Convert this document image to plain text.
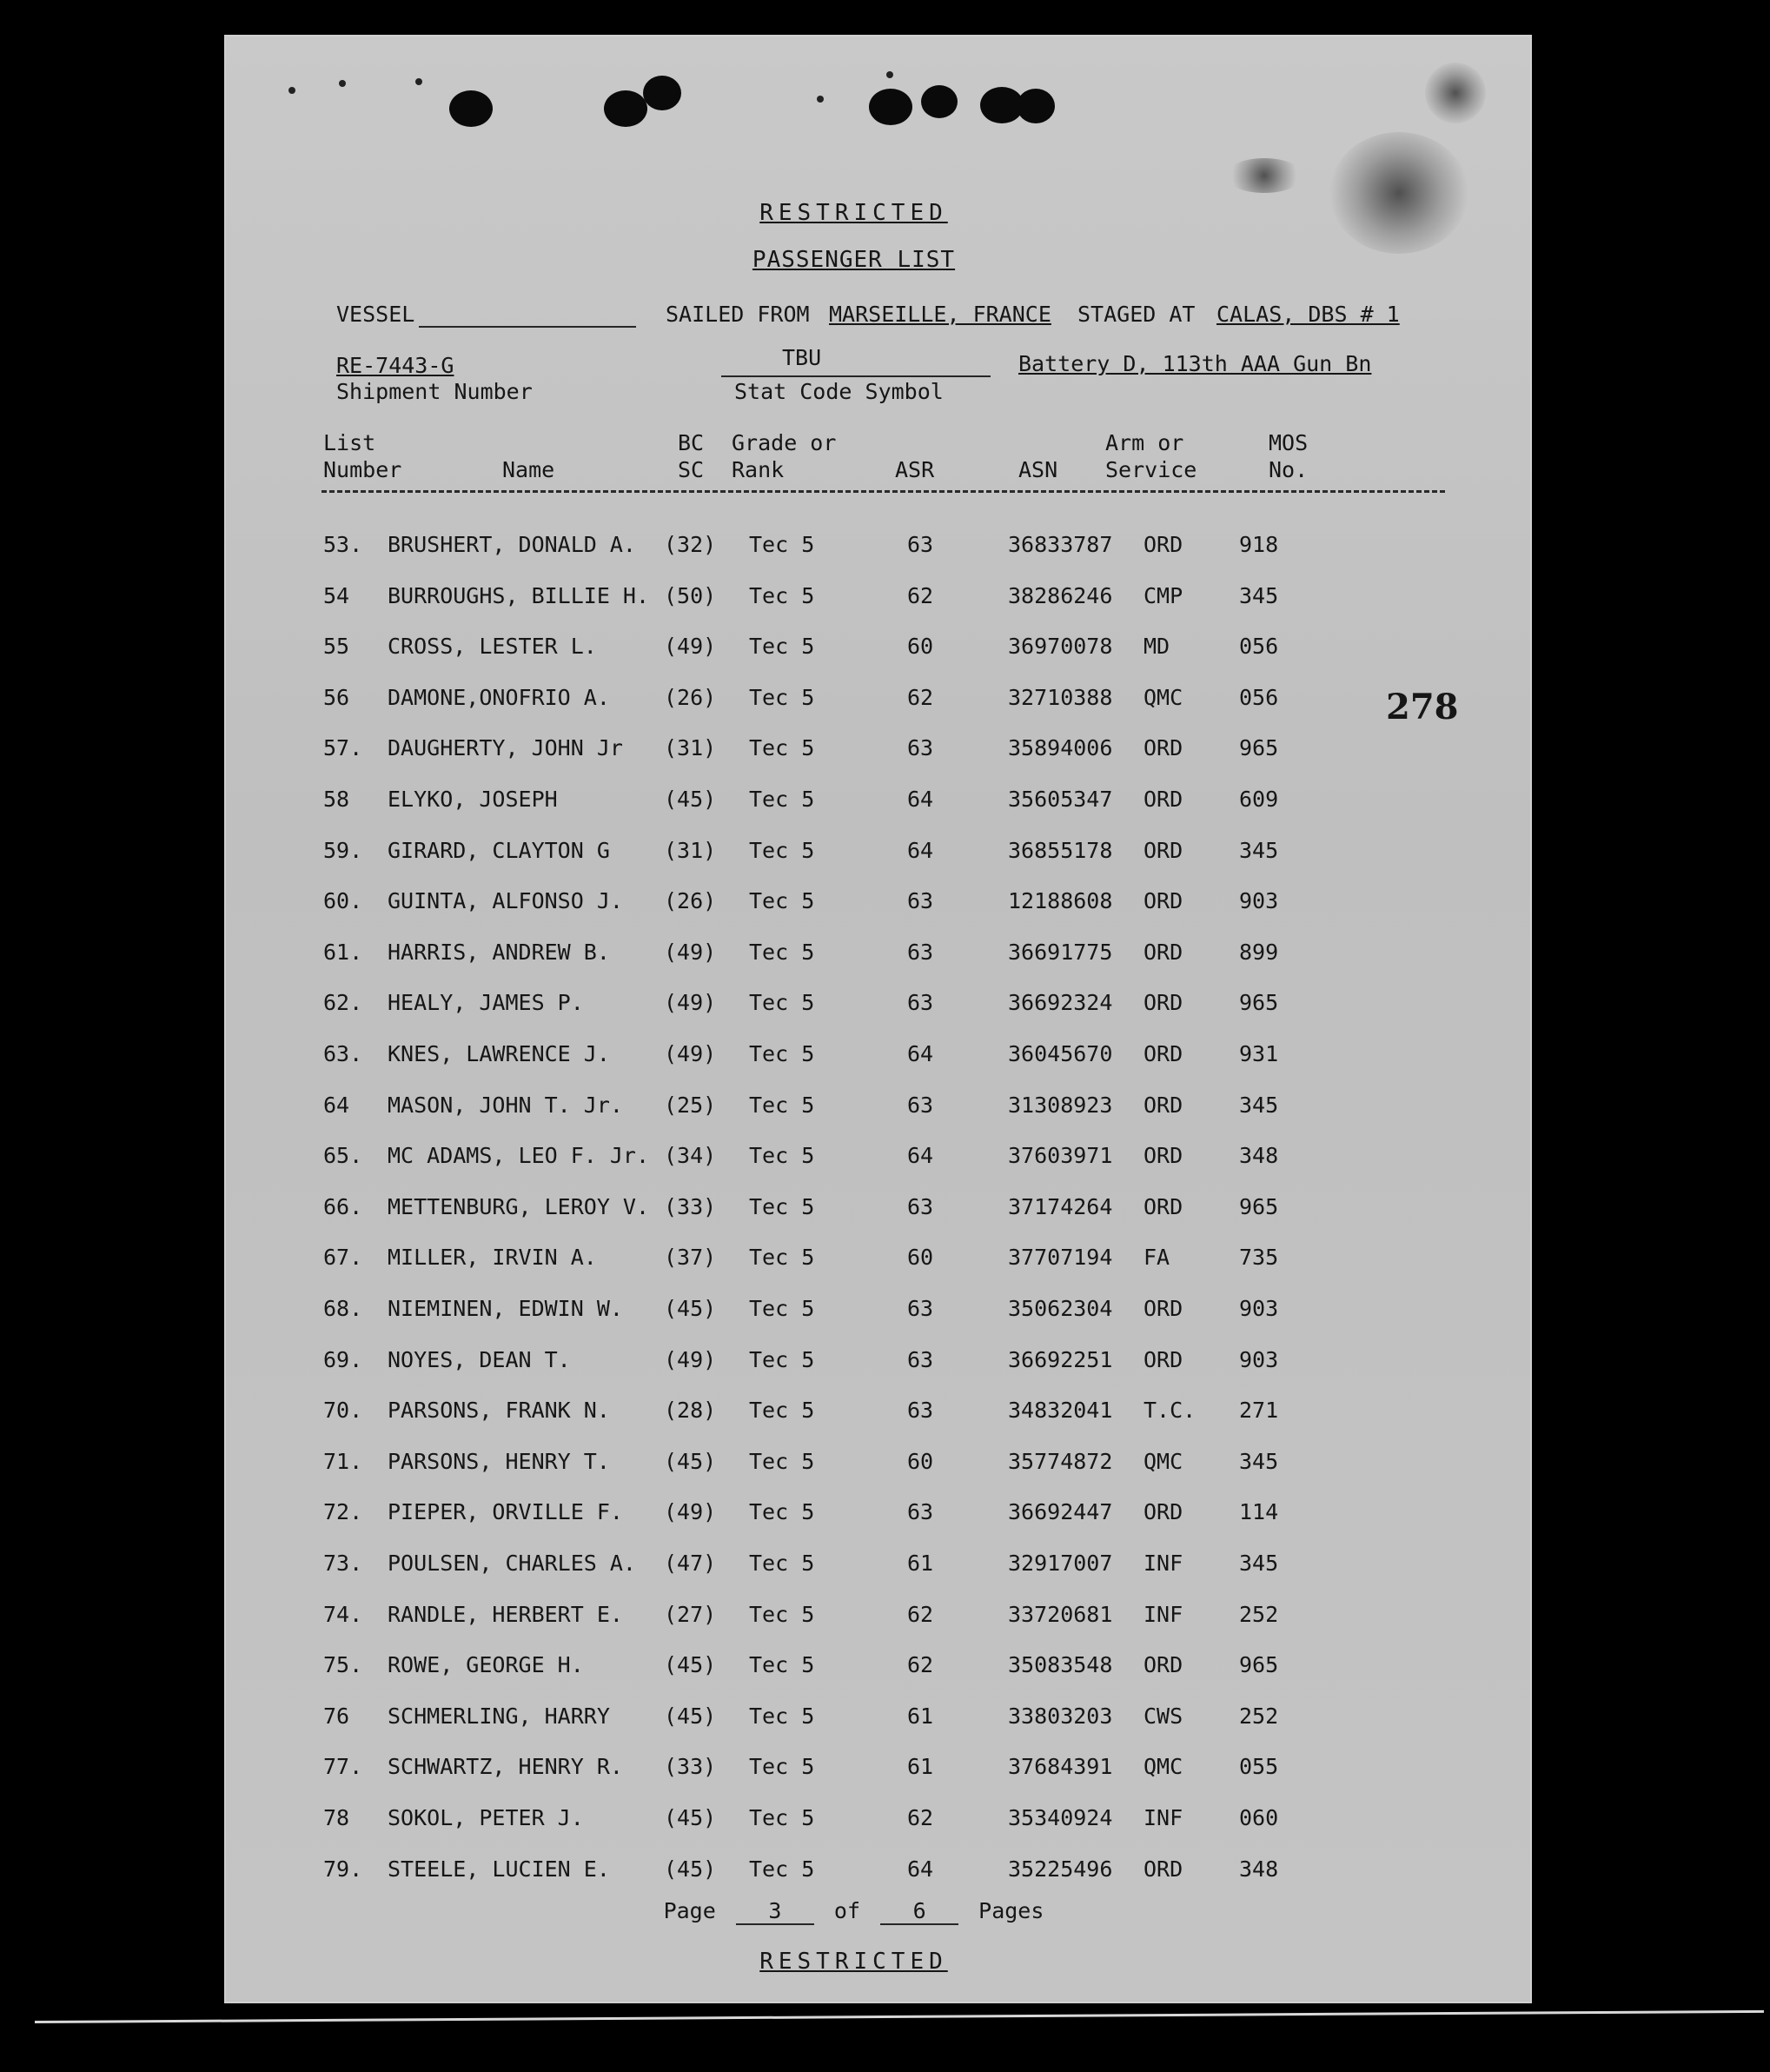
RESTRICTED
PASSENGER LIST
VESSEL	SAILED FROM MARSEILLE, FRANCE STAGED AT CALAS, DBS # 1
RE-7443-G
Shipment Number
TBU
Stat Code Symbol
Battery D, 113th AAA Gun Bn
List
Number	Name
BC
SC
Grade or
Rank	ASR	ASN
Arm or
Service
MOS
No.
53. BRUSHERT, DONALD A. (32) Tec 5	63	36833787 ORD	918
54 BURROUGHS, BILLIE H. (50) Tec 5	62	38286246 CMP	345
55 CROSS, LESTER L.	(49) Tec 5	60	36970078 MD	056
56 DAMONE,ONOFRIO A. (26) Tec 5	62	32710388 QMC	056
57. DAUGHERTY, JOHN Jr (31) Tec 5	63	35894006 ORD	965
58 ELYKO, JOSEPH	(45) Tec 5	64	35605347 ORD	609
59. GIRARD, CLAYTON G (31) Tec 5	64	36855178 ORD	345
60. GUINTA, ALFONSO J. (26) Tec 5	63	12188608 ORD	903
61. HARRIS, ANDREW B. (49) Tec 5	63	36691775 ORD	899
62. HEALY, JAMES P.	(49) Tec 5	63	36692324 ORD	965
63. KNES, LAWRENCE J. (49) Tec 5	64	36045670 ORD	931
64 MASON, JOHN T. Jr. (25) Tec 5	63	31308923 ORD	345
65. MC ADAMS, LEO F. Jr. (34) Tec 5	64	37603971 ORD	348
66. METTENBURG, LEROY V. (33) Tec 5	63	37174264 ORD	965
67. MILLER, IRVIN A.	(37) Tec 5	60	37707194 FA	735
68. NIEMINEN, EDWIN W. (45) Tec 5	63	35062304 ORD	903
69. NOYES, DEAN T.	(49) Tec 5	63	36692251 ORD	903
70. PARSONS, FRANK N. (28) Tec 5	63	34832041 T.C. 271
71. PARSONS, HENRY T. (45) Tec 5	60	35774872 QMC	345
72. PIEPER, ORVILLE F. (49) Tec 5	63	36692447 ORD	114
73. POULSEN, CHARLES A. (47) Tec 5	61	32917007 INF	345
74. RANDLE, HERBERT E. (27) Tec 5	62	33720681 INF	252
75. ROWE, GEORGE H.	(45) Tec 5	62	35083548 ORD	965
76 SCHMERLING, HARRY (45) Tec 5	61	33803203 CWS	252
77. SCHWARTZ, HENRY R. (33) Tec 5	61	37684391 QMC	055
78 SOKOL, PETER J.	(45) Tec 5	62	35340924 INF	060
79. STEELE, LUCIEN E. (45) Tec 5	64	35225496 ORD	348
278
Page 3 of 6 Pages
RESTRICTED
